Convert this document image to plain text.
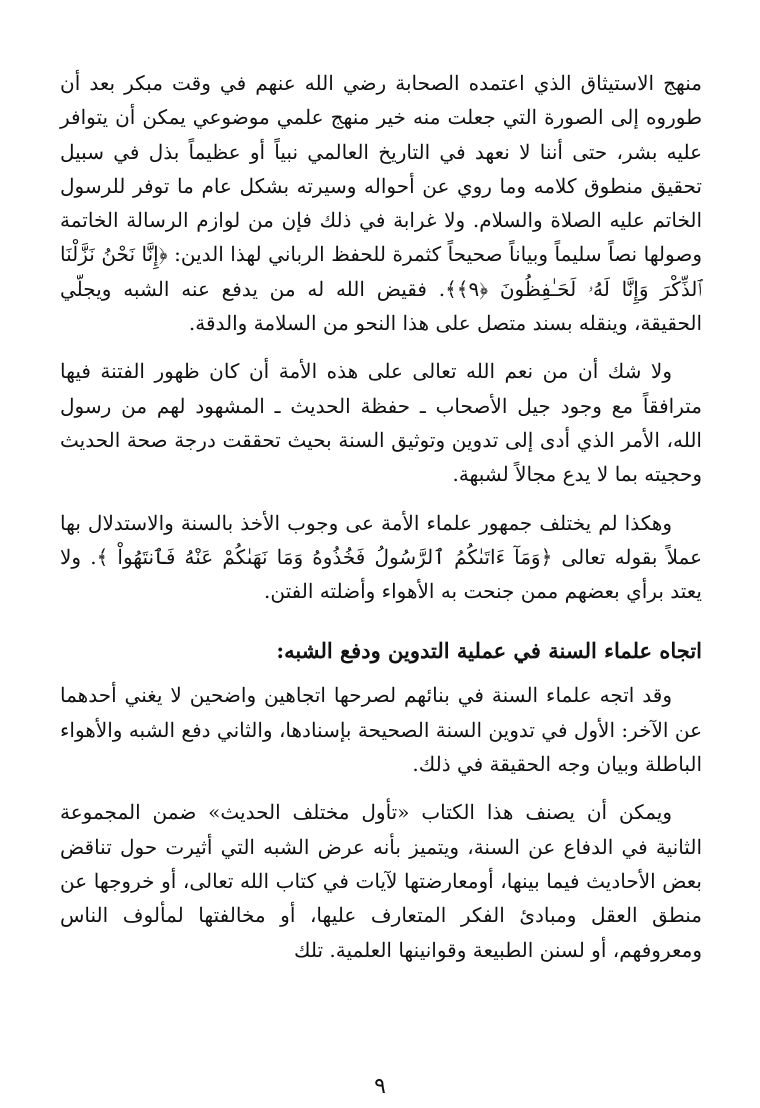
منهج الاستيثاق الذي اعتمده الصحابة رضي الله عنهم في وقت مبكر بعد أن طوروه إلى الصورة التي جعلت منه خير منهج علمي موضوعي يمكن أن يتوافر عليه بشر، حتى أننا لا نعهد في التاريخ العالمي نبياً أو عظيماً بذل في سبيل تحقيق منطوق كلامه وما روي عن أحواله وسيرته بشكل عام ما توفر للرسول الخاتم عليه الصلاة والسلام. ولا غرابة في ذلك فإن من لوازم الرسالة الخاتمة وصولها نصاً سليماً وبياناً صحيحاً كثمرة للحفظ الرباني لهذا الدين: ﴿إِنَّا نَحْنُ نَزَّلْنَا ٱلذِّكْرَ وَإِنَّا لَهُۥ لَحَـٰفِظُونَ ﴿٩﴾﴾. فقيض الله له من يدفع عنه الشبه ويجلّي الحقيقة، وينقله بسند متصل على هذا النحو من السلامة والدقة.

ولا شك أن من نعم الله تعالى على هذه الأمة أن كان ظهور الفتنة فيها مترافقاً مع وجود جيل الأصحاب ـ حفظة الحديث ـ المشهود لهم من رسول الله، الأمر الذي أدى إلى تدوين وتوثيق السنة بحيث تحققت درجة صحة الحديث وحجيته بما لا يدع مجالاً لشبهة.

وهكذا لم يختلف جمهور علماء الأمة عى وجوب الأخذ بالسنة والاستدلال بها عملاً بقوله تعالى ﴿وَمَآ ءَاتَىٰكُمُ ٱلرَّسُولُ فَخُذُوهُ وَمَا نَهَىٰكُمْ عَنْهُ فَٱنتَهُواْ ﴾. ولا يعتد برأي بعضهم ممن جنحت به الأهواء وأضلته الفتن.

اتجاه علماء السنة في عملية التدوين ودفع الشبه:

وقد اتجه علماء السنة في بنائهم لصرحها اتجاهين واضحين لا يغني أحدهما عن الآخر: الأول في تدوين السنة الصحيحة بإسنادها، والثاني دفع الشبه والأهواء الباطلة وبيان وجه الحقيقة في ذلك.

ويمكن أن يصنف هذا الكتاب «تأول مختلف الحديث» ضمن المجموعة الثانية في الدفاع عن السنة، ويتميز بأنه عرض الشبه التي أثيرت حول تناقض بعض الأحاديث فيما بينها، أومعارضتها لآيات في كتاب الله تعالى، أو خروجها عن منطق العقل ومبادئ الفكر المتعارف عليها، أو مخالفتها لمألوف الناس ومعروفهم، أو لسنن الطبيعة وقوانينها العلمية. تلك

٩
